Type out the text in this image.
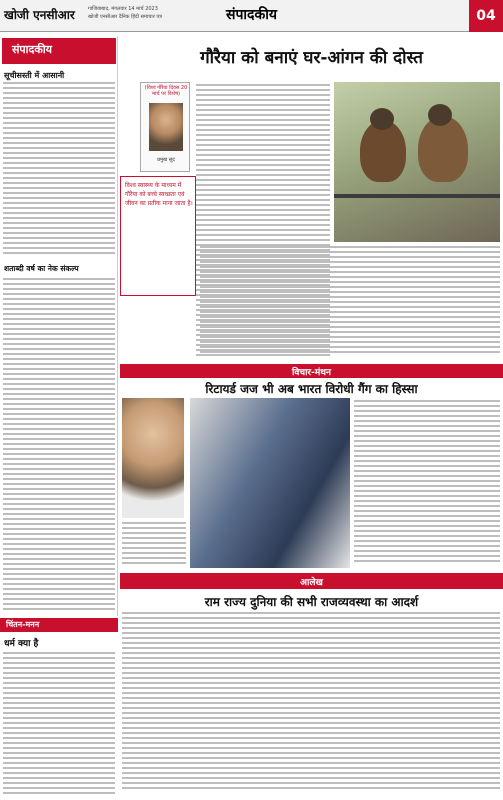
खोजी एनसीआर	गाजियाबाद, मंगलवार 14 मार्च 2023
खोजी एनसीआर दैनिक हिंदी समाचार पत्र	संपादकीय	04
संपादकीय
सूचीसस्ती में आसानी
शताब्दी वर्ष का नेक संकल्प
गौरैया को बनाएं घर-आंगन की दोस्त
(विश्व गौरैया दिवस 20 मार्च पर विशेष)
प्रमुख सूद
विश्व स्वास्थ्य के माध्यम में गौरैया को बच्चे स्वच्छता एवं जीवन का प्रतीक माना जाता है।
विचार-मंथन
रिटायर्ड जज भी अब भारत विरोधी गैंग का हिस्सा
आलेख
राम राज्य दुनिया की सभी राजव्यवस्था का आदर्श
चिंतन-मनन
धर्म क्या है
